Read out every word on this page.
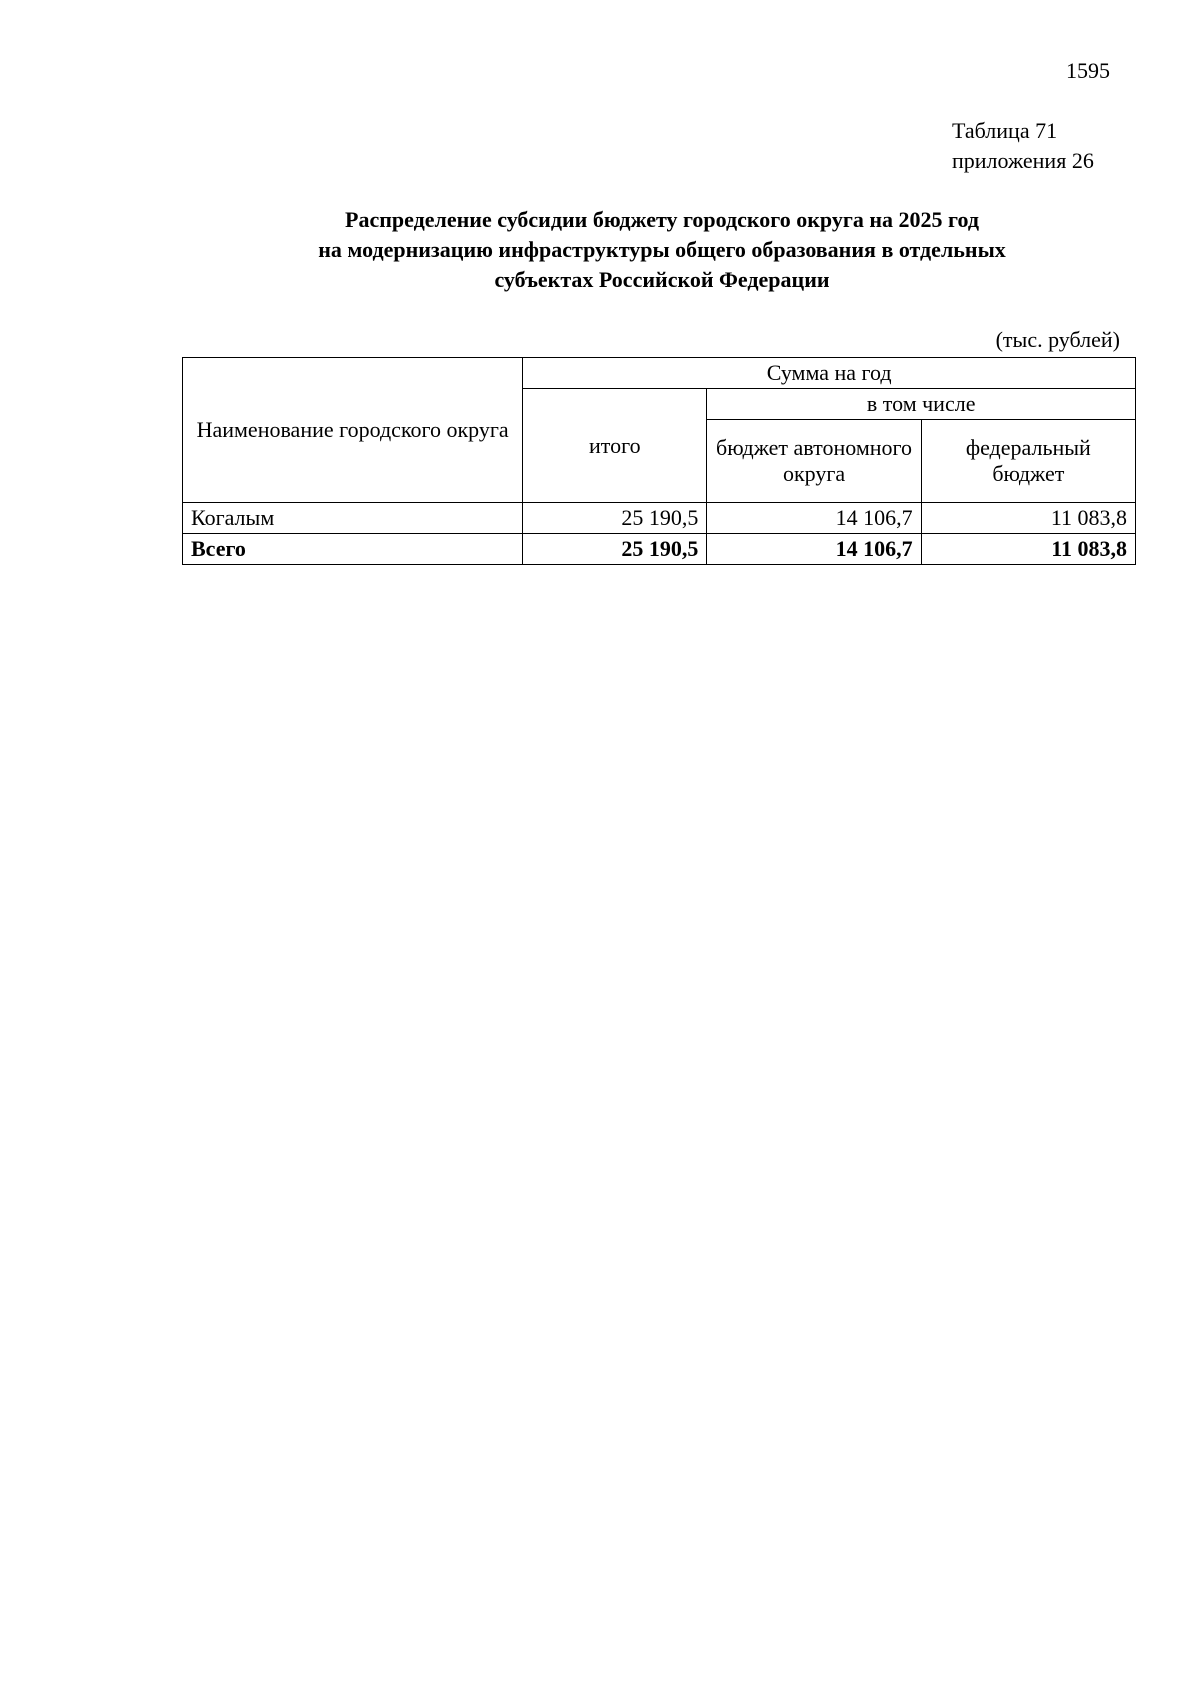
1595
Таблица 71
приложения 26
Распределение субсидии бюджету городского округа на 2025 год
на модернизацию инфраструктуры общего образования в отдельных
субъектах Российской Федерации
(тыс. рублей)
Наименование городского округа	Сумма на год		
	итого	в том числе	
		бюджет автономного округа	федеральный бюджет
Когалым	25 190,5	14 106,7	11 083,8
Всего	25 190,5	14 106,7	11 083,8
